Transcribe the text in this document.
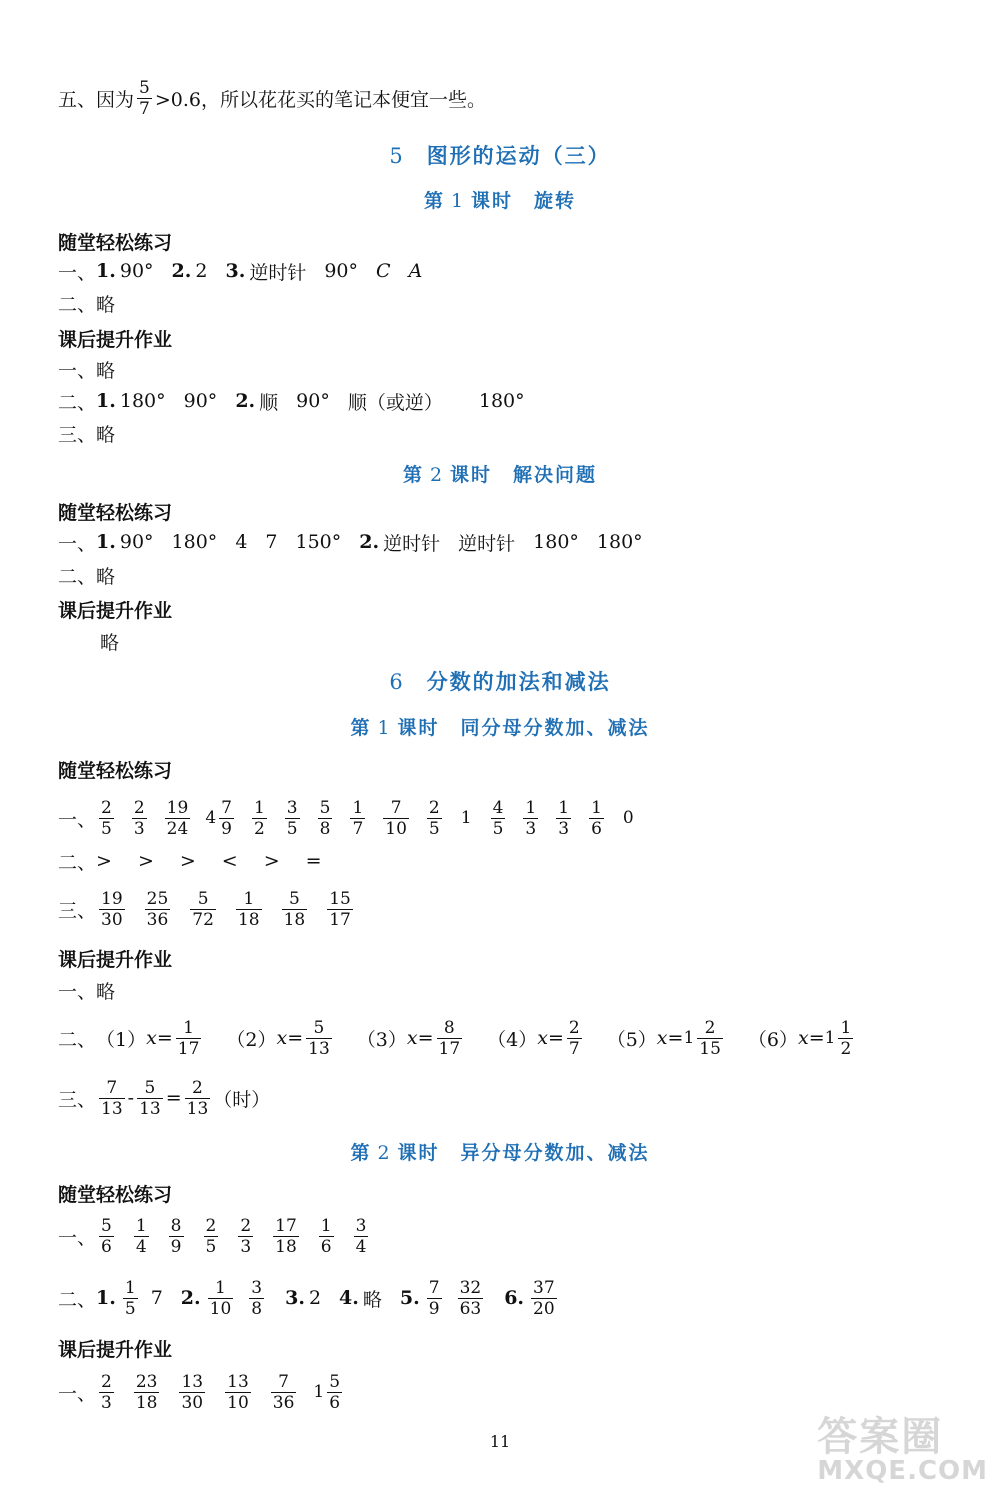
五、因为 $\frac{5}{7} >0.6$，所以花花买的笔记本便宜一些。
5 图形的运动（三）
第 1 课时　旋转
随堂轻松练习
一、 1. 90° 2. 2 3. 逆时针 90° C A
二、略
课后提升作业
一、略
二、 1. 180° 90° 2. 顺 90° 顺（或逆） 180°
三、略
第 2 课时　解决问题
随堂轻松练习
一、 1. 90° 180° 4 7 150° 2. 逆时针 逆时针 180° 180°
二、略
课后提升作业
略
6 分数的加法和减法
第 1 课时　同分母分数加、减法
随堂轻松练习
一、 $\frac{2}{5} \frac{2}{3} \frac{19}{24} 4 \frac{7}{9} \frac{1}{2} \frac{3}{5} \frac{5}{8} \frac{1}{7} \frac{7}{10} \frac{2}{5} 1 \frac{4}{5} \frac{1}{3} \frac{1}{3} \frac{1}{6} 0$
二、 > > > < > =
三、 $\frac{19}{30} \frac{25}{36} \frac{5}{72} \frac{1}{18} \frac{5}{18} \frac{15}{17}$
课后提升作业
一、略
二、 （1） $x = \frac{1}{17} (2) x = \frac{5}{13} (3) x = \frac{8}{17} (4) x = \frac{2}{7} (5) x = 1 \frac{2}{15} (6) x = 1 \frac{1}{2}$
三、 $\frac{7}{13} - \frac{5}{13} = \frac{2}{13}$ （时）
第 2 课时　异分母分数加、减法
随堂轻松练习
一、 $\frac{5}{6} \frac{1}{4} \frac{8}{9} \frac{2}{5} \frac{2}{3} \frac{17}{18} \frac{1}{6} \frac{3}{4}$
二、 1. $\frac{1}{5} 7$ 2. $\frac{1}{10} \frac{3}{8} 3$. 2 4. 略 5. $\frac{7}{9} \frac{32}{63} 6$. $\frac{37}{20}$
课后提升作业
一、 $\frac{2}{3} \frac{23}{18} \frac{13}{30} \frac{13}{10} \frac{7}{36} 1 \frac{5}{6}$
11	答案圈
MXQE.COM
